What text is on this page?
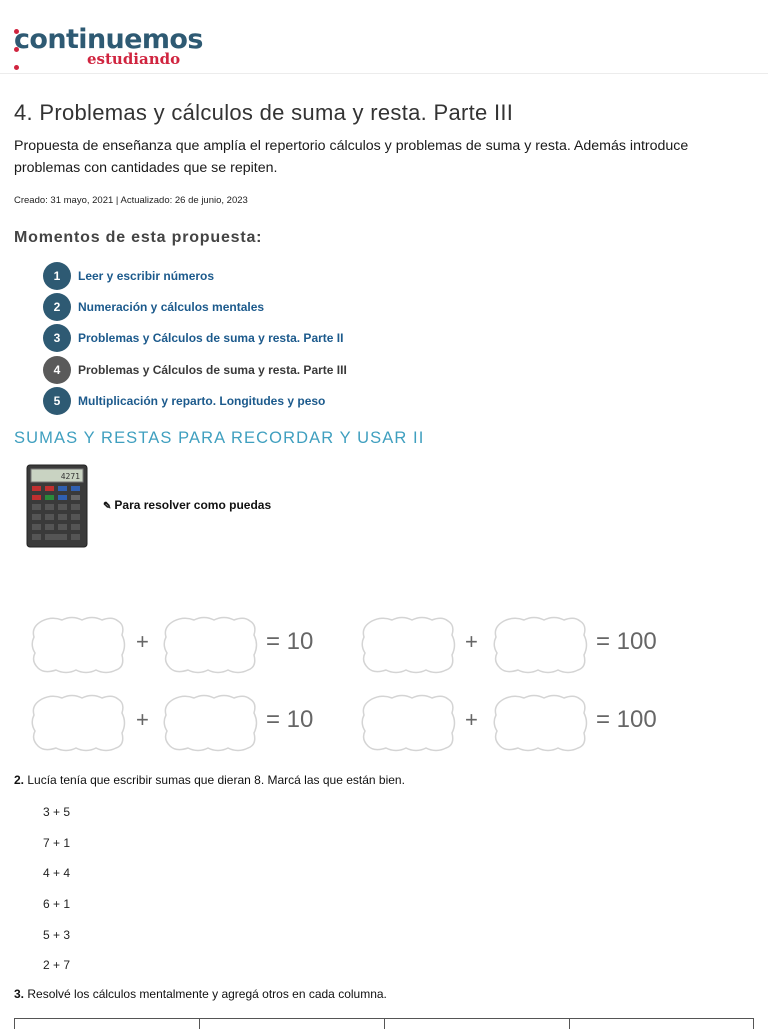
continuemos
estudiando
4. Problemas y cálculos de suma y resta. Parte III

Propuesta de enseñanza que amplía el repertorio cálculos y problemas de suma y resta. Además introduce problemas con cantidades que se repiten.

Creado: 31 mayo, 2021 | Actualizado: 26 de junio, 2023
Momentos de esta propuesta:
1	Leer y escribir números
2	Numeración y cálculos mentales
3	Problemas y Cálculos de suma y resta. Parte II
4	Problemas y Cálculos de suma y resta. Parte III
5	Multiplicación y reparto. Longitudes y peso
SUMAS Y RESTAS PARA RECORDAR Y USAR II
4271
✎ Para resolver como puedas
+	= 10	+	= 100
+	= 10	+	= 100

2. Lucía tenía que escribir sumas que dieran 8. Marcá las que están bien.

3 + 5
7 + 1
4 + 4
6 + 1
5 + 3
2 + 7

3. Resolvé los cálculos mentalmente y agregá otros en cada columna.
